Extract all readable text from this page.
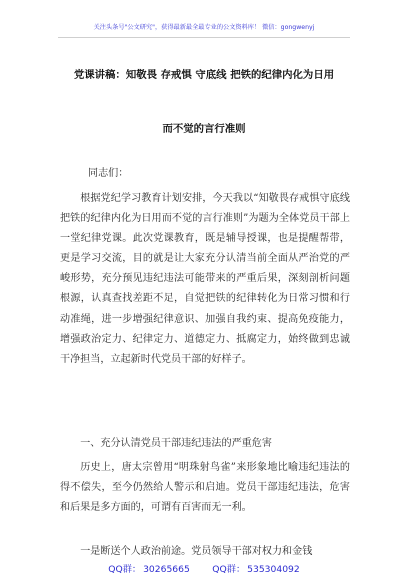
关注头条号"公文研究"，获得最新最全最专业的公文资料库！ 微信：gongwenyj
党课讲稿：知敬畏 存戒惧 守底线 把铁的纪律内化为日用
而不觉的言行准则
同志们：
根据党纪学习教育计划安排，今天我以“知敬畏存戒惧守底线把铁的纪律内化为日用而不觉的言行准则”为题为全体党员干部上一堂纪律党课。此次党课教育，既是辅导授课，也是提醒帮带，更是学习交流，目的就是让大家充分认清当前全面从严治党的严峻形势，充分预见违纪违法可能带来的严重后果，深刻剖析问题根源，认真查找差距不足，自觉把铁的纪律转化为日常习惯和行动准绳，进一步增强纪律意识、加强自我约束、提高免疫能力，增强政治定力、纪律定力、道德定力、抵腐定力，始终做到忠诚干净担当，立起新时代党员干部的好样子。
一、充分认清党员干部违纪违法的严重危害
历史上，唐太宗曾用“明珠射鸟雀”来形象地比喻违纪违法的得不偿失，至今仍然给人警示和启迪。党员干部违纪违法，危害和后果是多方面的，可谓有百害而无一利。
一是断送个人政治前途。党员领导干部对权力和金钱
QQ群： 30265665 QQ群： 535304092
